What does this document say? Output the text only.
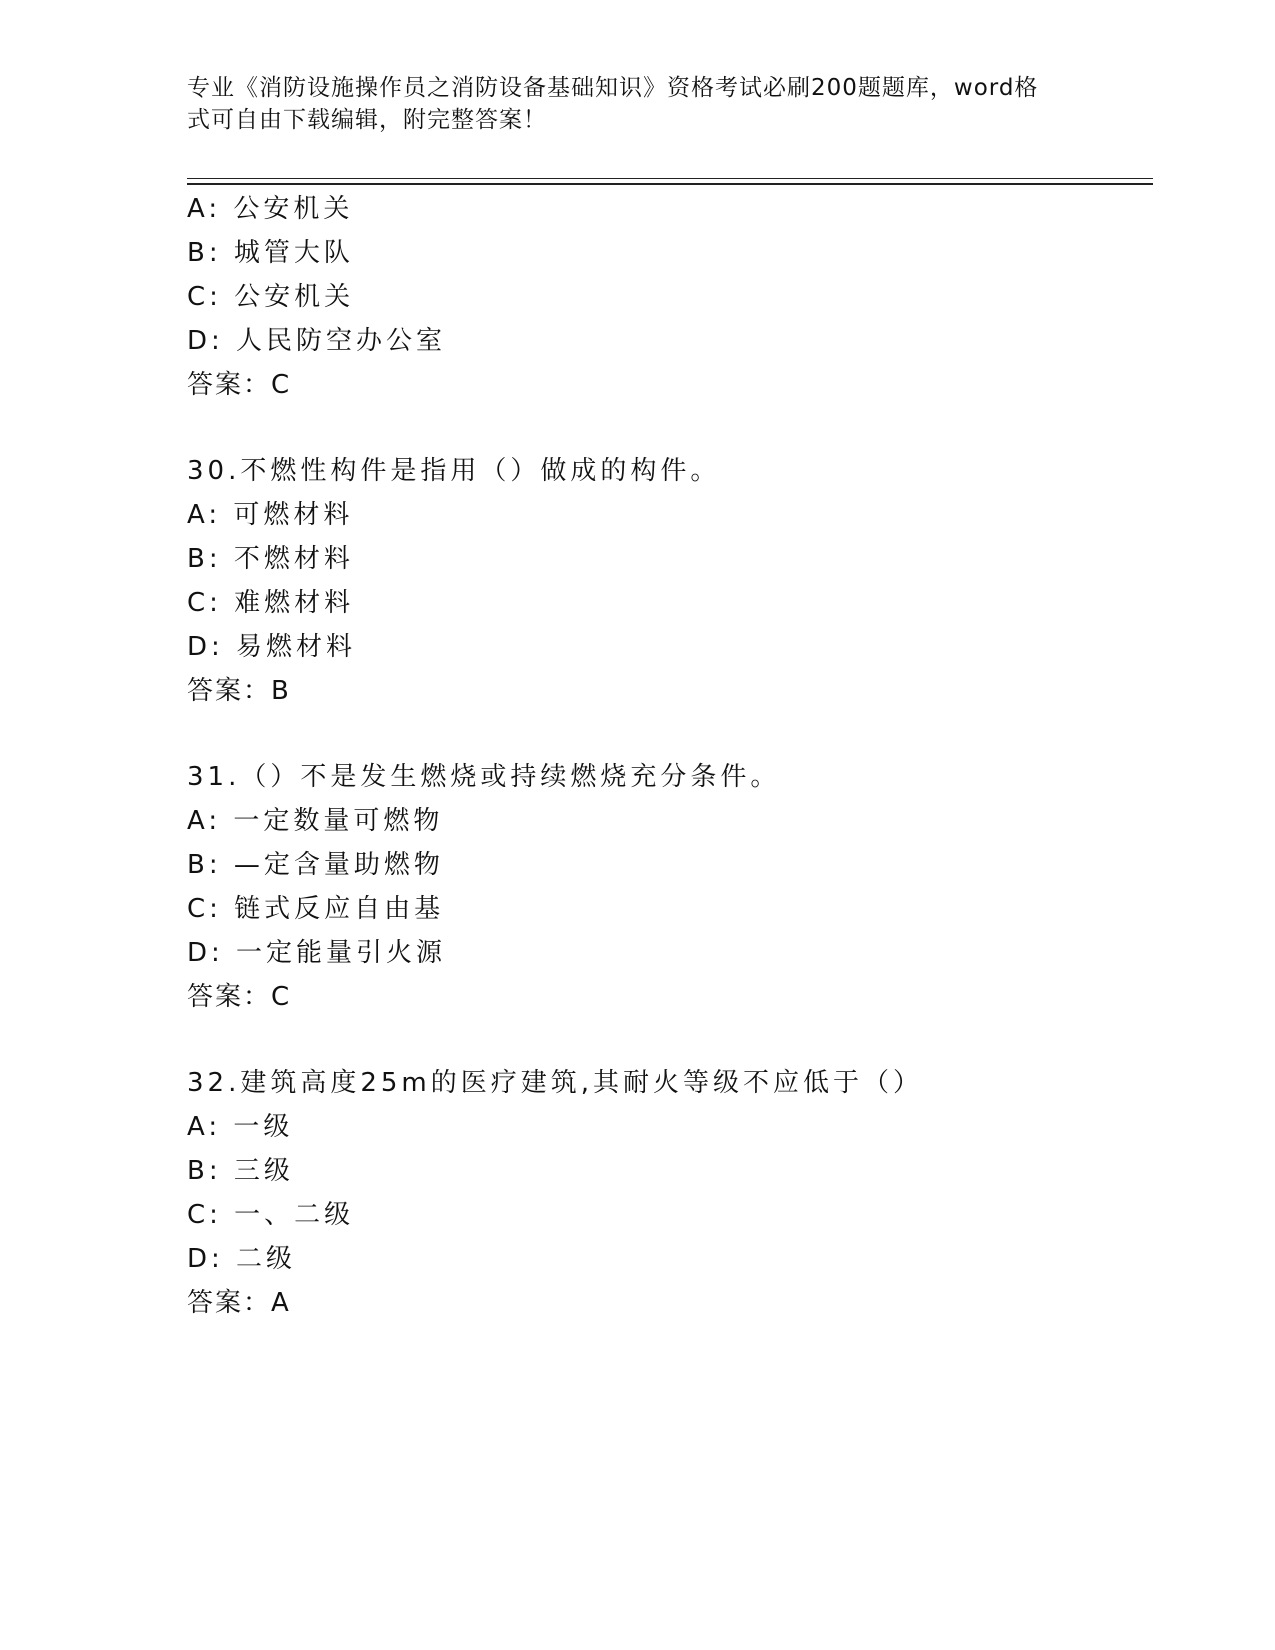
专业《消防设施操作员之消防设备基础知识》资格考试必刷200题题库，word格
式可自由下载编辑，附完整答案！
A: 公安机关
B: 城管大队
C: 公安机关
D: 人民防空办公室
答案：C
30.不燃性构件是指用（）做成的构件。
A: 可燃材料
B: 不燃材料
C: 难燃材料
D: 易燃材料
答案：B
31.（）不是发生燃烧或持续燃烧充分条件。
A: 一定数量可燃物
B: —定含量助燃物
C: 链式反应自由基
D: 一定能量引火源
答案：C
32.建筑高度25m的医疗建筑,其耐火等级不应低于（）
A: 一级
B: 三级
C: 一、二级
D: 二级
答案：A
